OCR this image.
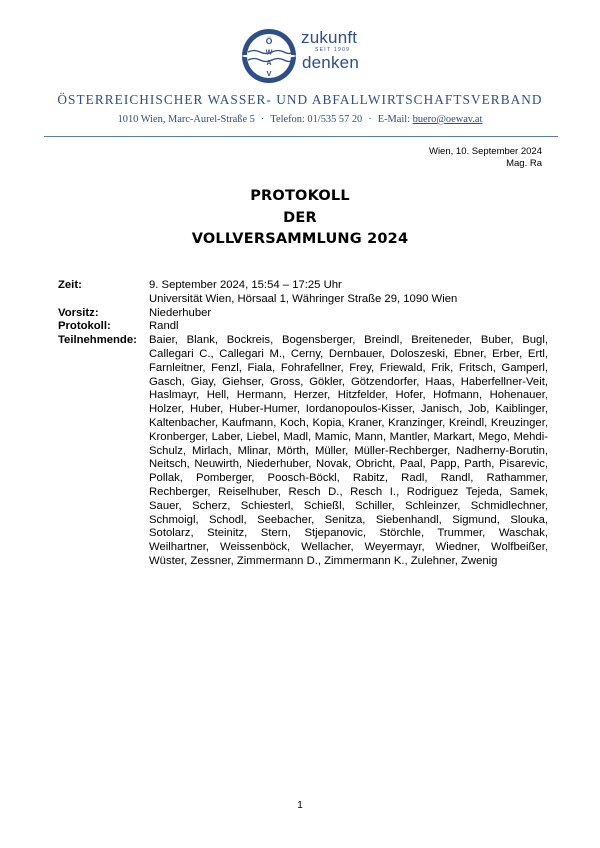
Ö
W
A
V
zukunft
SEIT 1909
denken
ÖSTERREICHISCHER WASSER- UND ABFALLWIRTSCHAFTSVERBAND
1010 Wien, Marc-Aurel-Straße 5 · Telefon: 01/535 57 20 · E-Mail: buero@oewav.at
Wien, 10. September 2024
Mag. Ra
PROTOKOLL
DER
VOLLVERSAMMLUNG 2024
Zeit:	9. September 2024, 15:54 – 17:25 Uhr
Universität Wien, Hörsaal 1, Währinger Straße 29, 1090 Wien
Vorsitz:	Niederhuber
Protokoll:	Randl
Teilnehmende:	Baier, Blank, Bockreis, Bogensberger, Breindl, Breiteneder, Buber, Bugl, Callegari C., Callegari M., Cerny, Dernbauer, Doloszeski, Ebner, Erber, Ertl, Farnleitner, Fenzl, Fiala, Fohrafellner, Frey, Friewald, Frik, Fritsch, Gamperl, Gasch, Giay, Giehser, Gross, Gökler, Götzendorfer, Haas, Haberfellner-Veit, Haslmayr, Hell, Hermann, Herzer, Hitzfelder, Hofer, Hofmann, Hohenauer, Holzer, Huber, Huber-Humer, Iordanopoulos-Kisser, Janisch, Job, Kaiblinger, Kaltenbacher, Kaufmann, Koch, Kopia, Kraner, Kranzinger, Kreindl, Kreuzinger, Kronberger, Laber, Liebel, Madl, Mamic, Mann, Mantler, Markart, Mego, Mehdi-Schulz, Mirlach, Mlinar, Mörth, Müller, Müller-Rechberger, Nadherny-Borutin, Neitsch, Neuwirth, Niederhuber, Novak, Obricht, Paal, Papp, Parth, Pisarevic, Pollak, Pomberger, Poosch-Böckl, Rabitz, Radl, Randl, Rathammer, Rechberger, Reiselhuber, Resch D., Resch I., Rodriguez Tejeda, Samek, Sauer, Scherz, Schiesterl, Schießl, Schiller, Schleinzer, Schmidlechner, Schmoigl, Schodl, Seebacher, Senitza, Siebenhandl, Sigmund, Slouka, Sotolarz, Steinitz, Stern, Stjepanovic, Störchle, Trummer, Waschak, Weilhartner, Weissenböck, Wellacher, Weyermayr, Wiedner, Wolfbeißer, Wüster, Zessner, Zimmermann D., Zimmermann K., Zulehner, Zwenig
1
